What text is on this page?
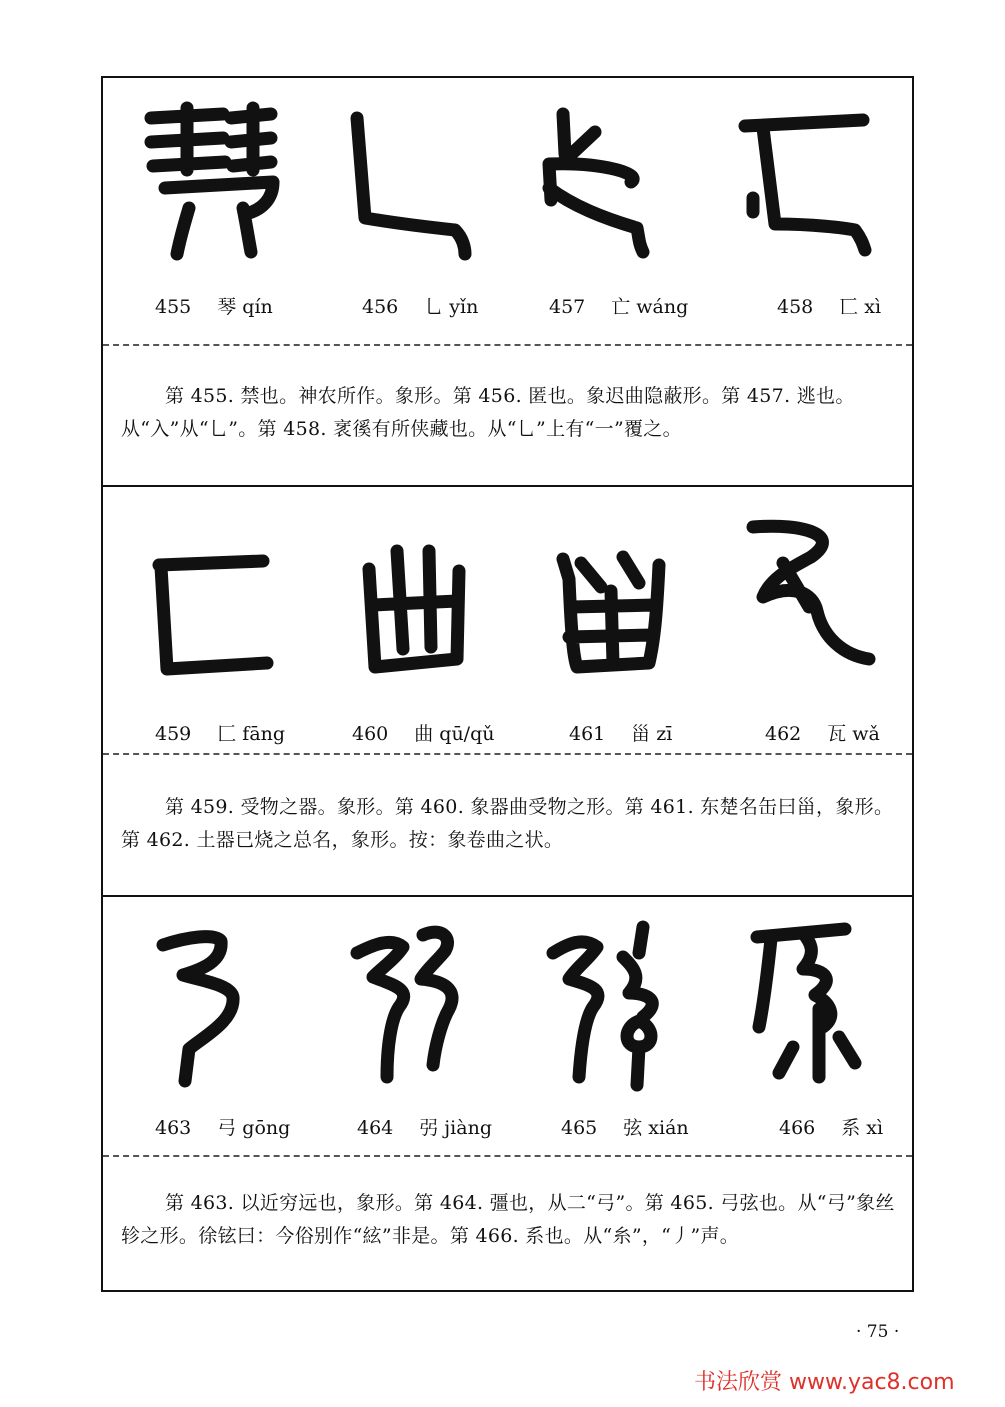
455 琴 qín	456 乚 yǐn	457 亡 wáng	458 匸 xì
第 455. 禁也。神农所作。象形。第 456. 匿也。象迟曲隐蔽形。第 457. 逃也。从“入”从“乚”。第 458. 衺徯有所侠藏也。从“乚”上有“一”覆之。
459 匚 fāng	460 曲 qū/qǔ	461 甾 zī	462 瓦 wǎ
第 459. 受物之器。象形。第 460. 象器曲受物之形。第 461. 东楚名缶曰甾，象形。第 462. 土器已烧之总名，象形。按：象卷曲之状。
463 弓 gōng	464 弜 jiàng	465 弦 xián	466 系 xì
第 463. 以近穷远也，象形。第 464. 彊也，从二“弓”。第 465. 弓弦也。从“弓”象丝轸之形。徐铉曰：今俗别作“絃”非是。第 466. 系也。从“糸”，“丿”声。
· 75 ·
书法欣赏 www.yac8.com
